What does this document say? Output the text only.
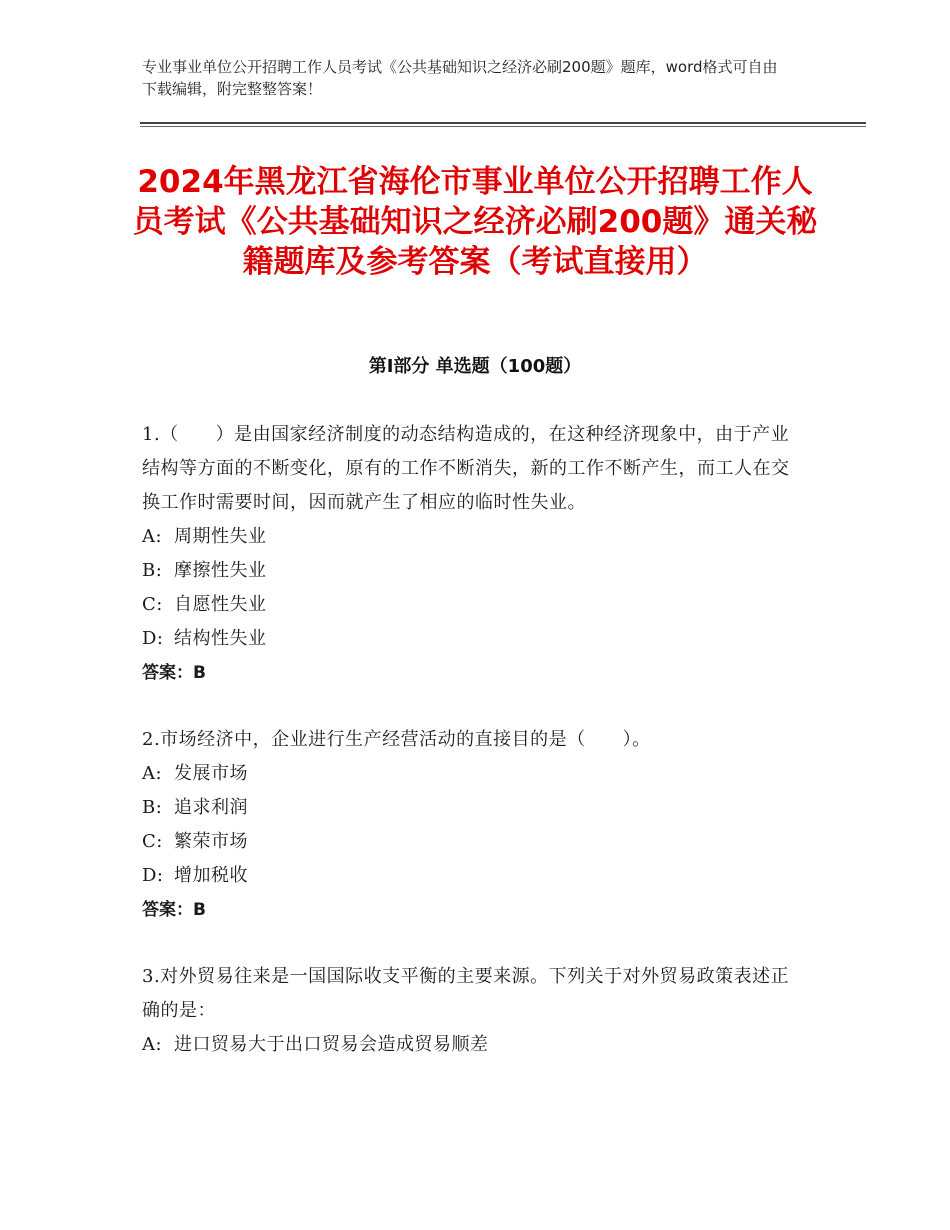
专业事业单位公开招聘工作人员考试《公共基础知识之经济必刷200题》题库，word格式可自由下载编辑，附完整整答案！
2024年黑龙江省海伦市事业单位公开招聘工作人员考试《公共基础知识之经济必刷200题》通关秘籍题库及参考答案（考试直接用）
第Ⅰ部分 单选题（100题）
1.（　　）是由国家经济制度的动态结构造成的，在这种经济现象中，由于产业结构等方面的不断变化，原有的工作不断消失，新的工作不断产生，而工人在交换工作时需要时间，因而就产生了相应的临时性失业。
A: 周期性失业
B: 摩擦性失业
C: 自愿性失业
D: 结构性失业
答案：B
2.市场经济中，企业进行生产经营活动的直接目的是（　　）。
A: 发展市场
B: 追求利润
C: 繁荣市场
D: 增加税收
答案：B
3.对外贸易往来是一国国际收支平衡的主要来源。下列关于对外贸易政策表述正确的是：
A: 进口贸易大于出口贸易会造成贸易顺差
